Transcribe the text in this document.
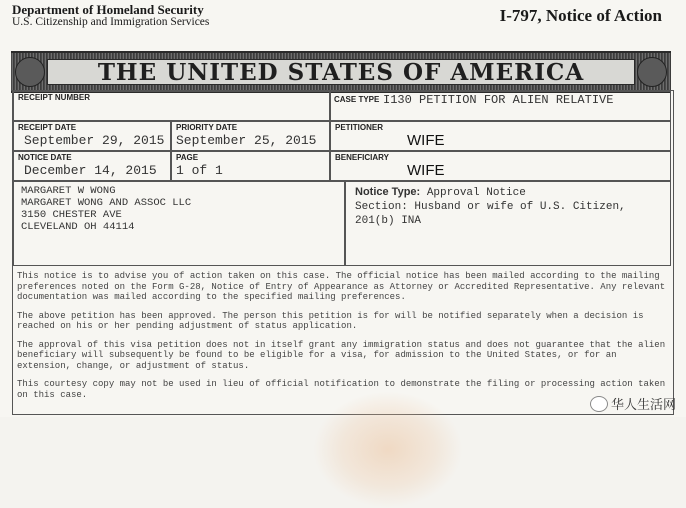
Department of Homeland Security
U.S. Citizenship and Immigration Services	I-797, Notice of Action
THE UNITED STATES OF AMERICA
RECEIPT NUMBER	CASE TYPE I130 PETITION FOR ALIEN RELATIVE
RECEIPT DATE
September 29, 2015
PRIORITY DATE
September 25, 2015
PETITIONER
WIFE
NOTICE DATE
December 14, 2015
PAGE
1 of 1
BENEFICIARY
WIFE
MARGARET W WONG
MARGARET WONG AND ASSOC LLC
3150 CHESTER AVE
CLEVELAND OH 44114
Notice Type: Approval Notice
Section: Husband or wife of U.S. Citizen,
201(b) INA

This notice is to advise you of action taken on this case. The official notice has been mailed according to the mailing preferences noted on the Form G-28, Notice of Entry of Appearance as Attorney or Accredited Representative. Any relevant documentation was mailed according to the specified mailing preferences.

The above petition has been approved. The person this petition is for will be notified separately when a decision is reached on his or her pending adjustment of status application.

The approval of this visa petition does not in itself grant any immigration status and does not guarantee that the alien beneficiary will subsequently be found to be eligible for a visa, for admission to the United States, or for an extension, change, or adjustment of status.

This courtesy copy may not be used in lieu of official notification to demonstrate the filing or processing action taken on this case.

华人生活网
